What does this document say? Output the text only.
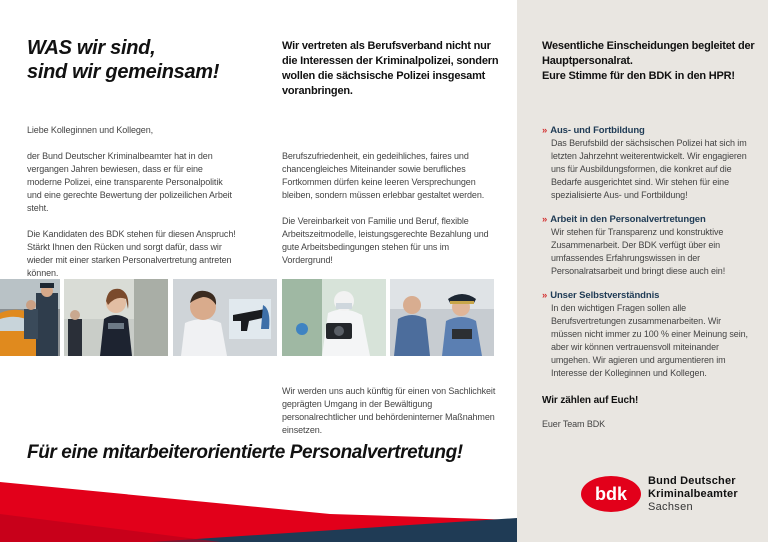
WAS wir sind,
sind wir gemeinsam!
Wir vertreten als Berufsverband nicht nur die Interessen der Kriminalpolizei, sondern wollen die sächsische Polizei insgesamt voranbringen.
Wesentliche Einscheidungen begleitet der Hauptpersonalrat.
Eure Stimme für den BDK in den HPR!

Liebe Kolleginnen und Kollegen,

der Bund Deutscher Kriminalbeamter hat in den vergangen Jahren bewiesen, dass er für eine moderne Polizei, eine transparente Personalpolitik und eine gerechte Bewertung der polizeilichen Arbeit steht.

Die Kandidaten des BDK stehen für diesen Anspruch! Stärkt Ihnen den Rücken und sorgt dafür, dass wir wieder mit einer starken Personalvertretung antreten können.

Berufszufriedenheit, ein gedeihliches, faires und chancengleiches Miteinander sowie berufliches Fortkommen dürfen keine leeren Versprechungen bleiben, sondern müssen erlebbar gestaltet werden.

Die Vereinbarkeit von Familie und Beruf, flexible Arbeitszeitmodelle, leistungsgerechte Bezahlung und gute Arbeitsbedingungen stehen für uns im Vordergrund!

Wir werden uns auch künftig für einen von Sachlichkeit geprägten Umgang in der Bewältigung personalrechtlicher und behördeninterner Maßnahmen einsetzen.

» Aus- und Fortbildung
Das Berufsbild der sächsischen Polizei hat sich im letzten Jahrzehnt weiterentwickelt. Wir engagieren uns für Ausbildungsformen, die konkret auf die Bedarfe ausgerichtet sind. Wir stehen für eine spezialisierte Aus- und Fortbildung!
» Arbeit in den Personalvertretungen
Wir stehen für Transparenz und konstruktive Zusammenarbeit. Der BDK verfügt über ein umfassendes Erfahrungswissen in der Personalratsarbeit und bringt diese auch ein!
» Unser Selbstverständnis
In den wichtigen Fragen sollen alle Berufsvertretungen zusammenarbeiten. Wir müssen nicht immer zu 100 % einer Meinung sein, aber wir können vertrauensvoll miteinander umgehen. Wir agieren und argumentieren im Interesse der Kolleginnen und Kollegen.
Wir zählen auf Euch!
Euer Team BDK
Für eine mitarbeiterorientierte Personalvertretung!
bdk
Bund Deutscher
Kriminalbeamter
Sachsen
